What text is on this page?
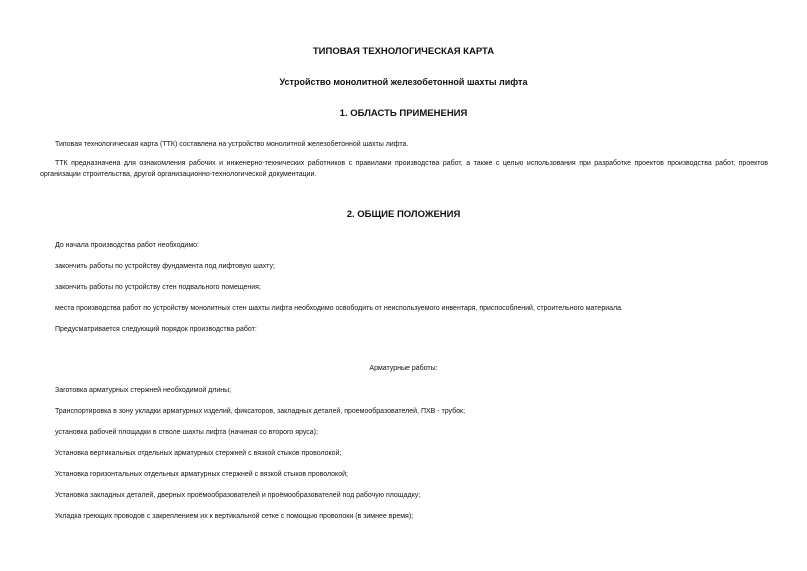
ТИПОВАЯ ТЕХНОЛОГИЧЕСКАЯ КАРТА

Устройство монолитной железобетонной шахты лифта

1. ОБЛАСТЬ ПРИМЕНЕНИЯ

Типовая технологическая карта (ТТК) составлена на устройство монолитной железобетонной шахты лифта.

ТТК предназначена для ознакомления рабочих и инженерно-технических работников с правилами производства работ, а также с целью использования при разработке проектов производства работ, проектов организации строительства, другой организационно-технологической документации.

2. ОБЩИЕ ПОЛОЖЕНИЯ

До начала производства работ необходимо:

закончить работы по устройству фундамента под лифтовую шахту;

закончить работы по устройству стен подвального помещения;

места производства работ по устройству монолитных стен шахты лифта необходимо освободить от неиспользуемого инвентаря, приспособлений, строительного материала.

Предусматривается следующий порядок производства работ:

Арматурные работы:

Заготовка арматурных стержней необходимой длины;

Транспортировка в зону укладки арматурных изделий, фиксаторов, закладных деталей, проемообразователей, ПХВ - трубок;

установка рабочей площадки в стволе шахты лифта (начиная со второго яруса);

Установка вертикальных отдельных арматурных стержней с вязкой стыков проволокой;

Установка горизонтальных отдельных арматурных стержней с вязкой стыков проволокой;

Установка закладных деталей, дверных проёмообразователей и проёмообразователей под рабочую площадку;

Укладка греющих проводов с закреплением их к вертикальной сетке с помощью проволоки (в зимнее время);
